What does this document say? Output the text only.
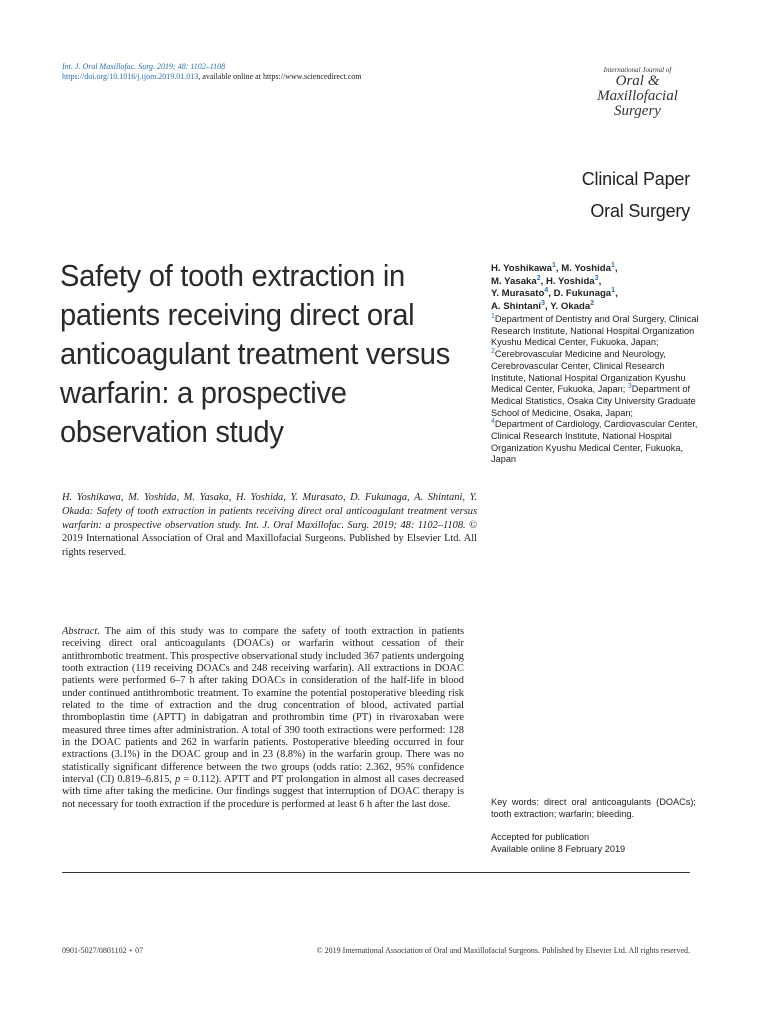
Int. J. Oral Maxillofac. Surg. 2019; 48: 1102–1108
https://doi.org/10.1016/j.ijom.2019.01.013, available online at https://www.sciencedirect.com
International Journal of
Oral &
Maxillofacial
Surgery
Clinical Paper
Oral Surgery
Safety of tooth extraction in patients receiving direct oral anticoagulant treatment versus warfarin: a prospective observation study
H. Yoshikawa$^1$, M. Yoshida$^1$,
M. Yasaka$^2$, H. Yoshida$^3$,
Y. Murasato$^4$, D. Fukunaga$^1$,
A. Shintani$^3$, Y. Okada$^2$
$^1$Department of Dentistry and Oral Surgery, Clinical Research Institute, National Hospital Organization Kyushu Medical Center, Fukuoka, Japan; $^2$Cerebrovascular Medicine and Neurology, Cerebrovascular Center, Clinical Research Institute, National Hospital Organization Kyushu Medical Center, Fukuoka, Japan; $^3$Department of Medical Statistics, Osaka City University Graduate School of Medicine, Osaka, Japan;
$^4$Department of Cardiology, Cardiovascular Center, Clinical Research Institute, National Hospital Organization Kyushu Medical Center, Fukuoka, Japan
H. Yoshikawa, M. Yoshida, M. Yasaka, H. Yoshida, Y. Murasato, D. Fukunaga, A. Shintani, Y. Okada: Safety of tooth extraction in patients receiving direct oral anticoagulant treatment versus warfarin: a prospective observation study. Int. J. Oral Maxillofac. Surg. 2019; 48: 1102–1108. © 2019 International Association of Oral and Maxillofacial Surgeons. Published by Elsevier Ltd. All rights reserved.
Abstract. The aim of this study was to compare the safety of tooth extraction in patients receiving direct oral anticoagulants (DOACs) or warfarin without cessation of their antithrombotic treatment. This prospective observational study included 367 patients undergoing tooth extraction (119 receiving DOACs and 248 receiving warfarin). All extractions in DOAC patients were performed 6–7 h after taking DOACs in consideration of the half-life in blood under continued antithrombotic treatment. To examine the potential postoperative bleeding risk related to the time of extraction and the drug concentration of blood, activated partial thromboplastin time (APTT) in dabigatran and prothrombin time (PT) in rivaroxaban were measured three times after administration. A total of 390 tooth extractions were performed: 128 in the DOAC patients and 262 in warfarin patients. Postoperative bleeding occurred in four extractions (3.1%) in the DOAC group and in 23 (8.8%) in the warfarin group. There was no statistically significant difference between the two groups (odds ratio: 2.362, 95% confidence interval (CI) 0.819–6.815, p = 0.112). APTT and PT prolongation in almost all cases decreased with time after taking the medicine. Our findings suggest that interruption of DOAC therapy is not necessary for tooth extraction if the procedure is performed at least 6 h after the last dose.	Key words: direct oral anticoagulants (DOACs); tooth extraction; warfarin; bleeding.
Accepted for publication
Available online 8 February 2019
0901-5027/0801102 + 07	© 2019 International Association of Oral and Maxillofacial Surgeons. Published by Elsevier Ltd. All rights reserved.
